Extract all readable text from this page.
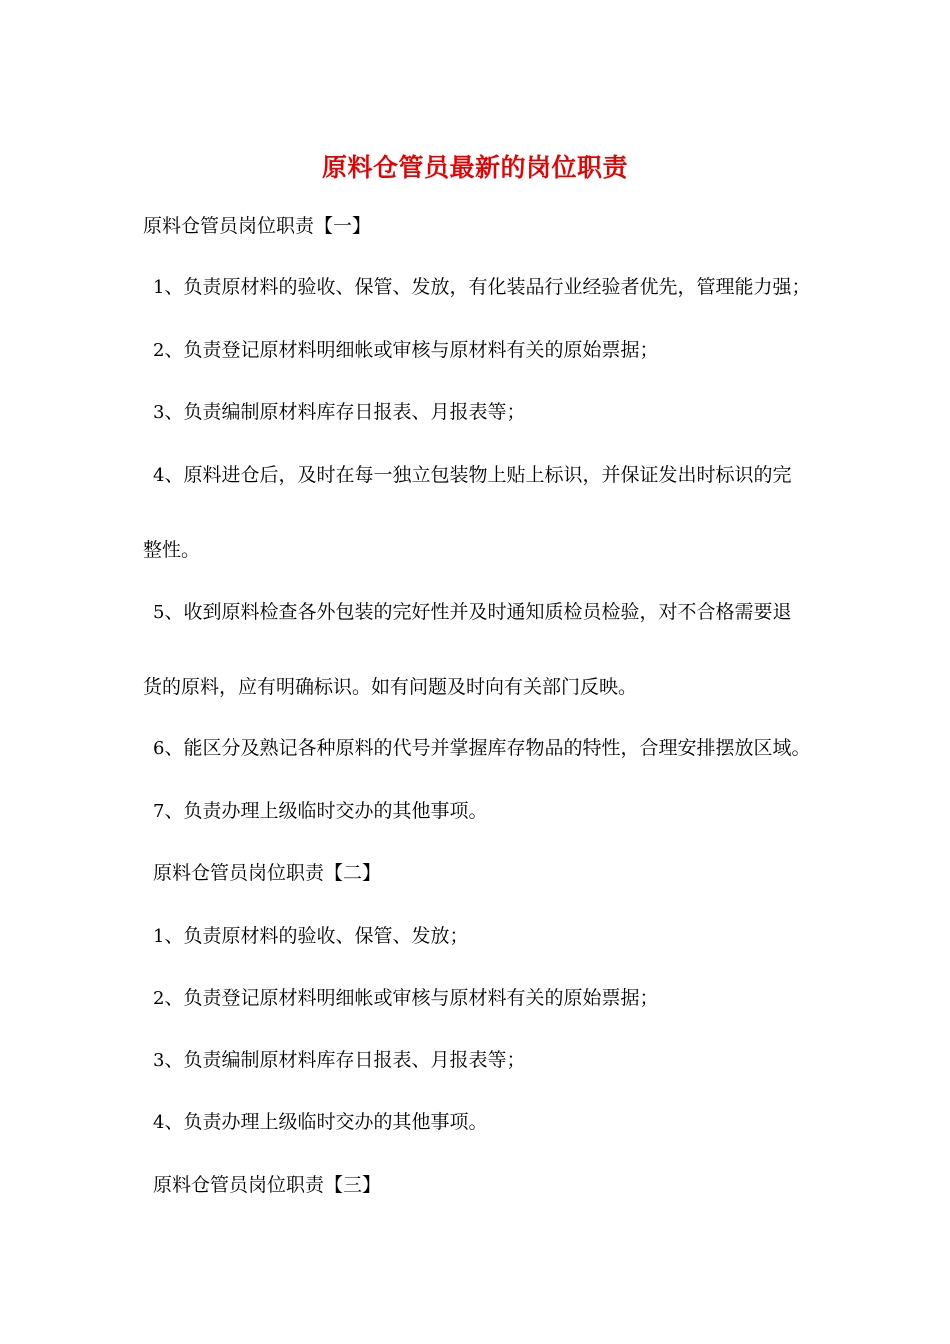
原料仓管员最新的岗位职责
原料仓管员岗位职责【一】
1、负责原材料的验收、保管、发放，有化装品行业经验者优先，管理能力强；
2、负责登记原材料明细帐或审核与原材料有关的原始票据；
3、负责编制原材料库存日报表、月报表等；
4、原料进仓后，及时在每一独立包装物上贴上标识，并保证发出时标识的完
整性。
5、收到原料检查各外包装的完好性并及时通知质检员检验，对不合格需要退
货的原料，应有明确标识。如有问题及时向有关部门反映。
6、能区分及熟记各种原料的代号并掌握库存物品的特性，合理安排摆放区域。
7、负责办理上级临时交办的其他事项。
原料仓管员岗位职责【二】
1、负责原材料的验收、保管、发放；
2、负责登记原材料明细帐或审核与原材料有关的原始票据；
3、负责编制原材料库存日报表、月报表等；
4、负责办理上级临时交办的其他事项。
原料仓管员岗位职责【三】
